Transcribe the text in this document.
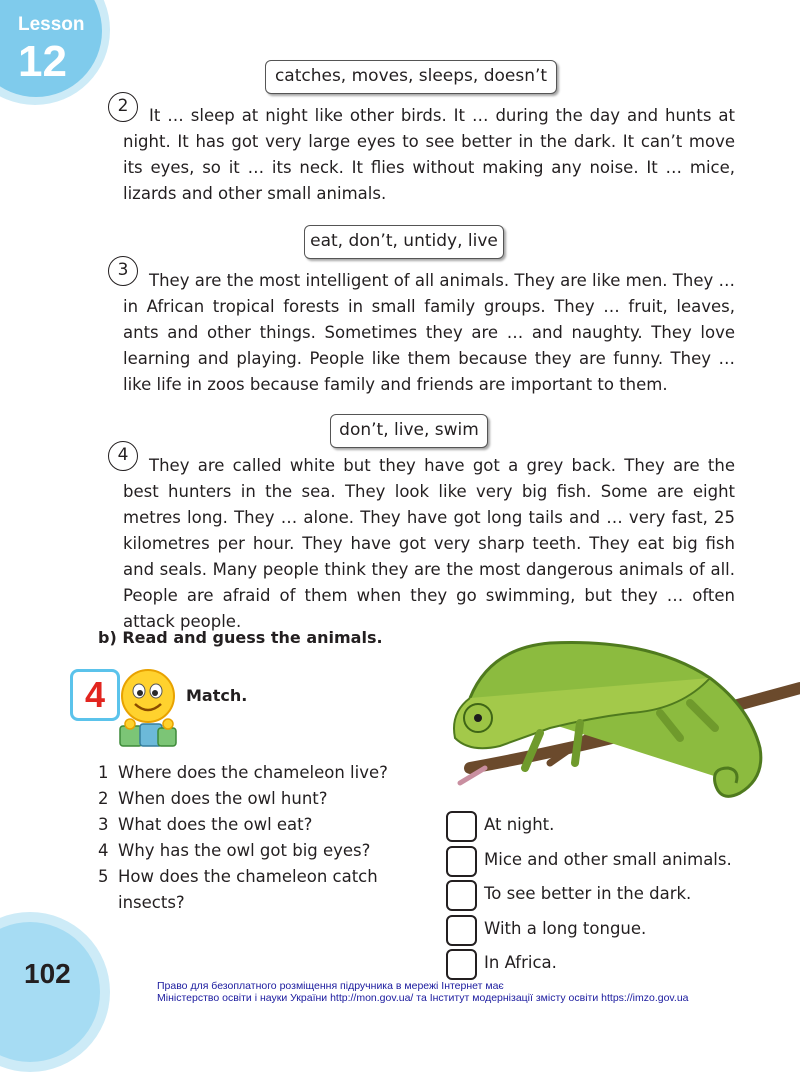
Lesson
12	catches, moves, sleeps, doesn’t
2	It … sleep at night like other birds. It … during the day and hunts at night. It has got very large eyes to see better in the dark. It can’t move its eyes, so it … its neck. It flies without making any noise. It … mice, lizards and other small animals.
eat, don’t, untidy, live
3
They are the most intelligent of all animals. They are like men. They … in African tropical forests in small family groups. They … fruit, leaves, ants and other things. Sometimes they are … and naughty. They love learning and playing. People like them because they are funny. They … like life in zoos because family and friends are important to them.
don’t, live, swim
4
They are called white but they have got a grey back. They are the best hunters in the sea. They look like very big fish. Some are eight metres long. They … alone. They have got long tails and … very fast, 25 kilometres per hour. They have got very sharp teeth. They eat big fish and seals. Many people think they are the most dangerous animals of all. People are afraid of them when they go swimming, but they … often attack people.
b) Read and guess the animals.
4	Match.
1 Where does the chameleon live?
2 When does the owl hunt?
3 What does the owl eat?
4 Why has the owl got big eyes?
5 How does the chameleon catch insects?
At night.
Mice and other small animals.
To see better in the dark.
With a long tongue.
In Africa.
102	Право для безоплатного розміщення підручника в мережі Інтернет має
Міністерство освіти і науки України http://mon.gov.ua/ та Інститут модернізації змісту освіти https://imzo.gov.ua
